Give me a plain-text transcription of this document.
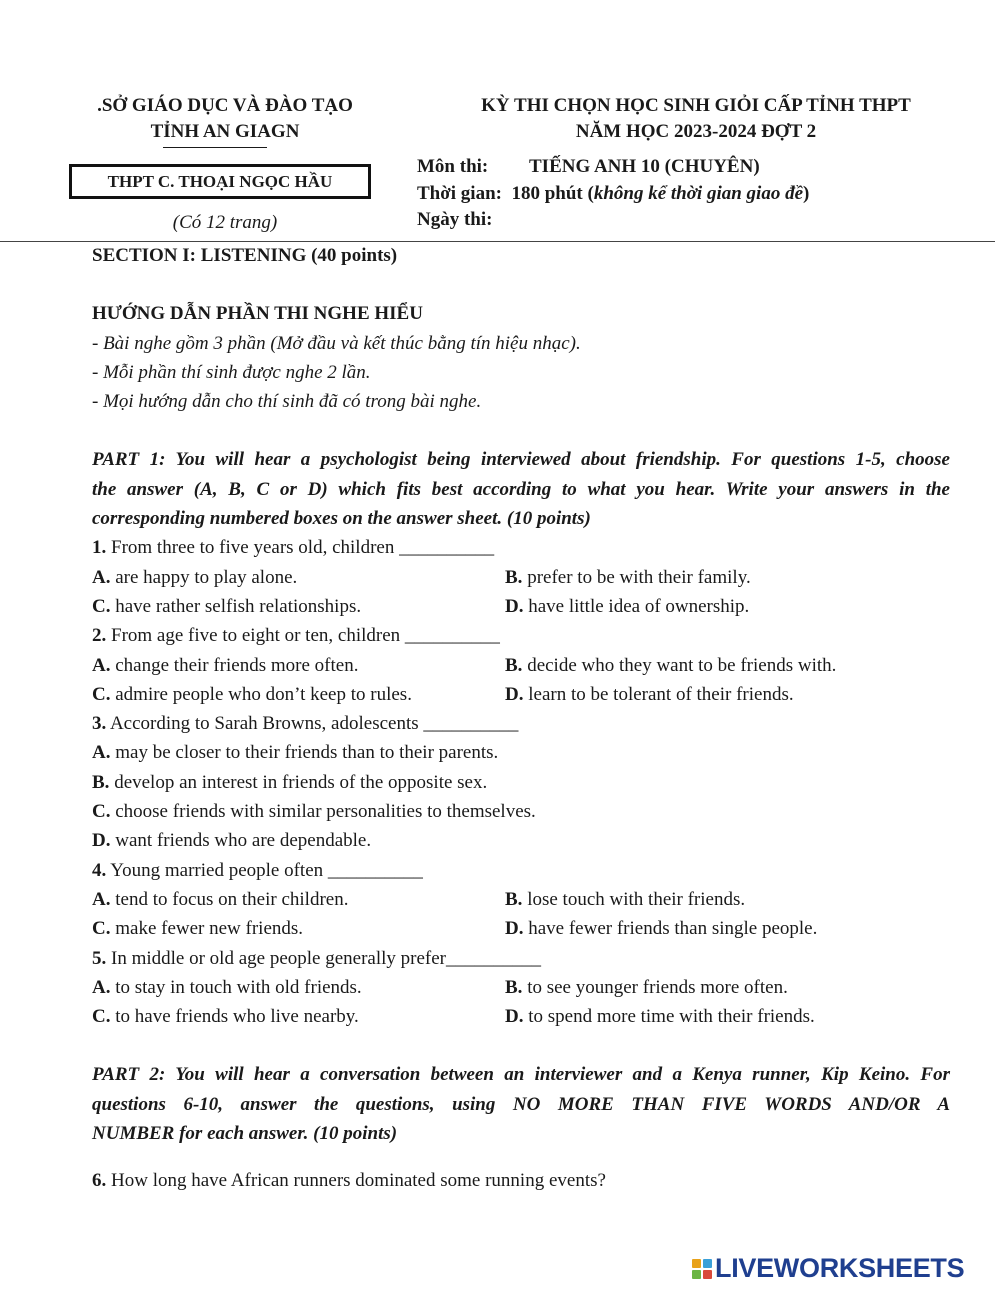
.SỞ GIÁO DỤC VÀ ĐÀO TẠO
TỈNH AN GIAGN
THPT C. THOẠI NGỌC HẦU
(Có 12 trang)
KỲ THI CHỌN HỌC SINH GIỎI CẤP TỈNH THPT
NĂM HỌC 2023-2024 ĐỢT 2
Môn thi: TIẾNG ANH 10 (CHUYÊN)
Thời gian: 180 phút (không kể thời gian giao đề)
Ngày thi:
SECTION I: LISTENING (40 points)
HƯỚNG DẪN PHẦN THI NGHE HIỂU
- Bài nghe gồm 3 phần (Mở đầu và kết thúc bằng tín hiệu nhạc).
- Mỗi phần thí sinh được nghe 2 lần.
- Mọi hướng dẫn cho thí sinh đã có trong bài nghe.
PART 1: You will hear a psychologist being interviewed about friendship. For questions 1-5, choose
the answer (A, B, C or D) which fits best according to what you hear. Write your answers in the
corresponding numbered boxes on the answer sheet. (10 points)
1. From three to five years old, children __________
A. are happy to play alone.	B. prefer to be with their family.
C. have rather selfish relationships.	D. have little idea of ownership.
2. From age five to eight or ten, children __________
A. change their friends more often.	B. decide who they want to be friends with.
C. admire people who don’t keep to rules.	D. learn to be tolerant of their friends.
3. According to Sarah Browns, adolescents __________
A. may be closer to their friends than to their parents.
B. develop an interest in friends of the opposite sex.
C. choose friends with similar personalities to themselves.
D. want friends who are dependable.
4. Young married people often __________
A. tend to focus on their children.	B. lose touch with their friends.
C. make fewer new friends.	D. have fewer friends than single people.
5. In middle or old age people generally prefer__________
A. to stay in touch with old friends.	B. to see younger friends more often.
C. to have friends who live nearby.	D. to spend more time with their friends.
PART 2: You will hear a conversation between an interviewer and a Kenya runner, Kip Keino. For
questions 6-10, answer the questions, using NO MORE THAN FIVE WORDS AND/OR A
NUMBER for each answer. (10 points)
6. How long have African runners dominated some running events?
LIVEWORKSHEETS
